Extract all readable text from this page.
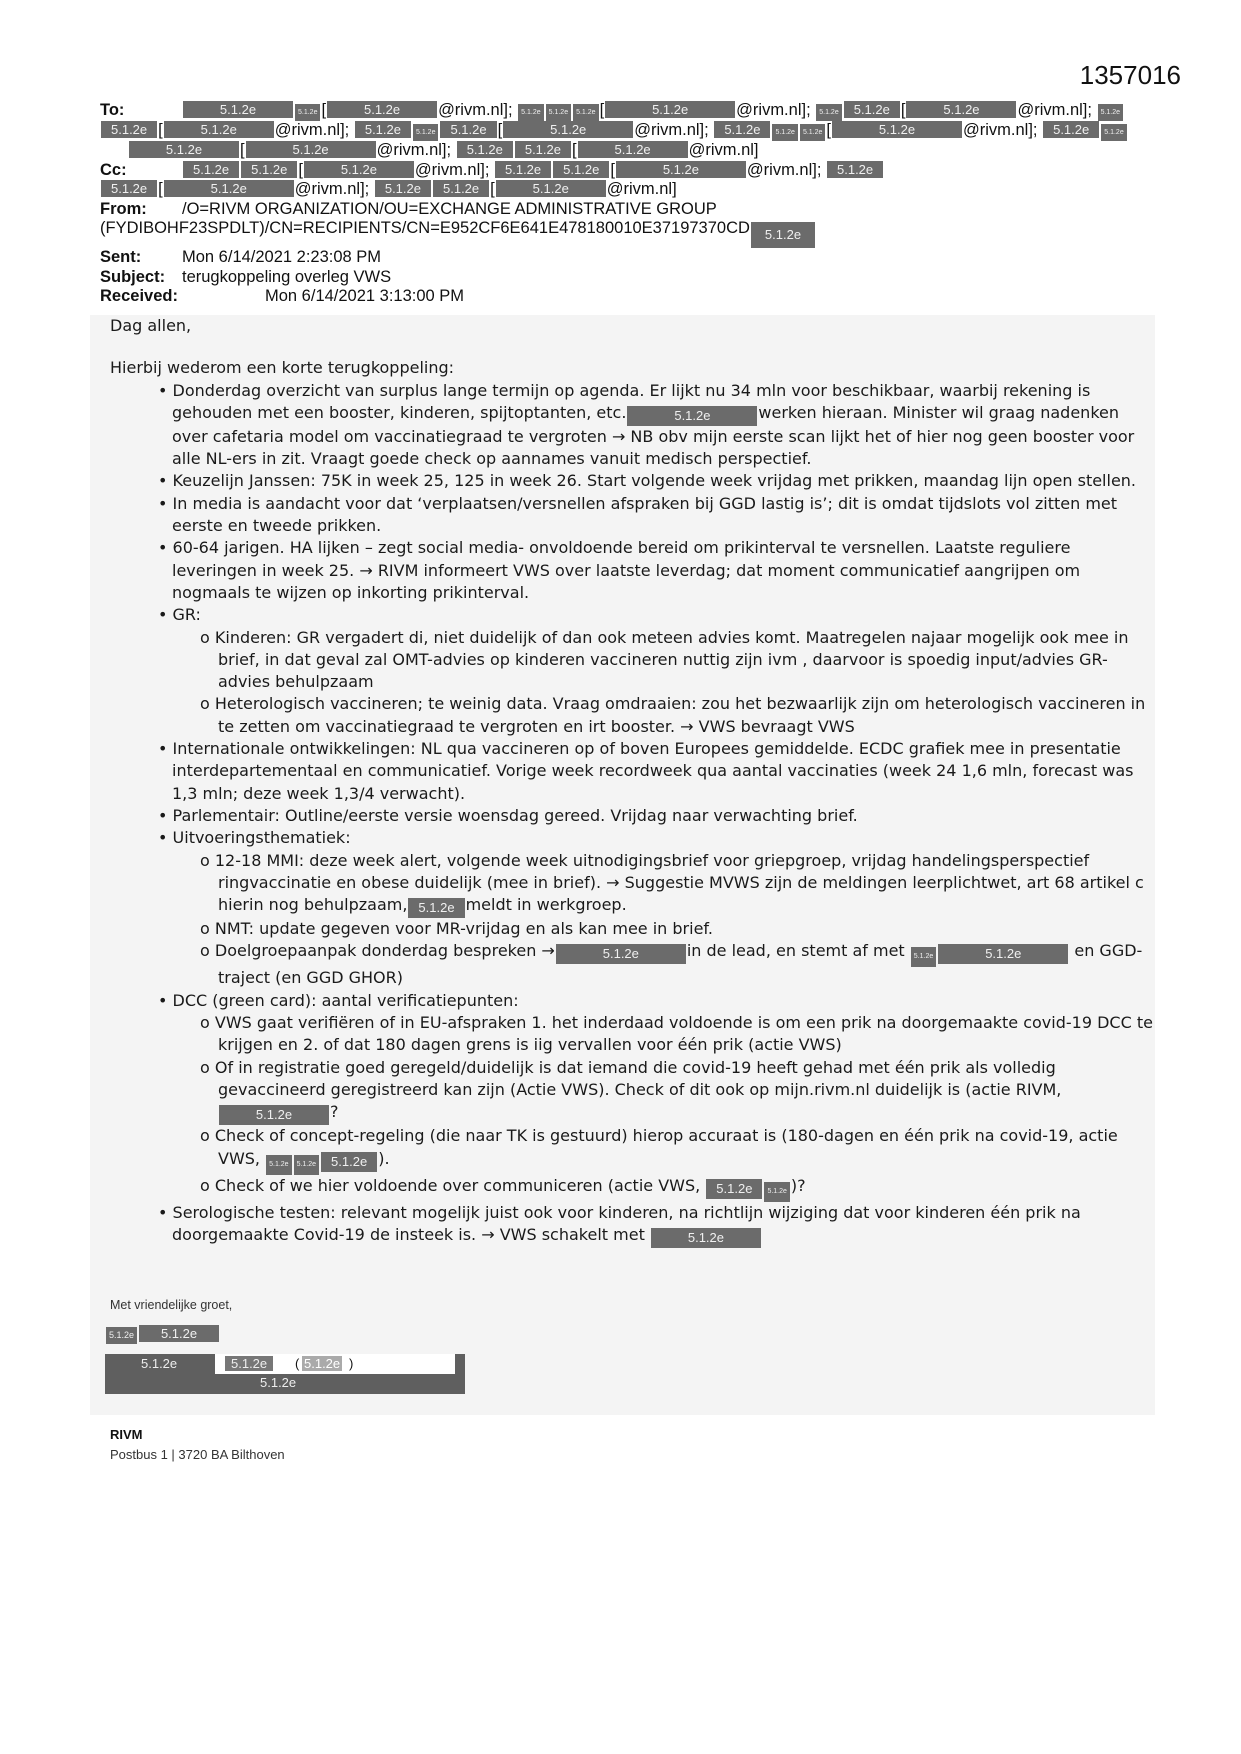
1357016
To:	5.1.2e	5.1.2e [	5.1.2e @rivm.nl]; 5.1.2e 5.1.2e 5.1.2e [	5.1.2e	@rivm.nl]; 5.1.2e 5.1.2e [	5.1.2e @rivm.nl]; 5.1.2e
5.1.2e [	5.1.2e @rivm.nl]; 5.1.2e 5.1.2e 5.1.2e [	5.1.2e	@rivm.nl]; 5.1.2e 5.1.2e 5.1.2e [	5.1.2e	@rivm.nl]; 5.1.2e 5.1.2e
5.1.2e [	5.1.2e	@rivm.nl]; 5.1.2e 5.1.2e [	5.1.2e @rivm.nl]
Cc:	5.1.2e 5.1.2e [	5.1.2e @rivm.nl]; 5.1.2e 5.1.2e [	5.1.2e	@rivm.nl]; 5.1.2e
5.1.2e [	5.1.2e	@rivm.nl]; 5.1.2e 5.1.2e [	5.1.2e @rivm.nl]
From: /O=RIVM ORGANIZATION/OU=EXCHANGE ADMINISTRATIVE GROUP
(FYDIBOHF23SPDLT)/CN=RECIPIENTS/CN=E952CF6E641E478180010E37197370CD 5.1.2e
Sent: Mon 6/14/2021 2:23:08 PM
Subject: terugkoppeling overleg VWS
Received:	Mon 6/14/2021 3:13:00 PM

Dag allen,

Hierbij wederom een korte terugkoppeling:

• Donderdag overzicht van surplus lange termijn op agenda. Er lijkt nu 34 mln voor beschikbaar, waarbij rekening is gehouden met een booster, kinderen, spijtoptanten, etc.	5.1.2e	werken hieraan. Minister wil graag nadenken over cafetaria model om vaccinatiegraad te vergroten → NB obv mijn eerste scan lijkt het of hier nog geen booster voor alle NL-ers in zit. Vraagt goede check op aannames vanuit medisch perspectief.
• Keuzelijn Janssen: 75K in week 25, 125 in week 26. Start volgende week vrijdag met prikken, maandag lijn open stellen.
• In media is aandacht voor dat ‘verplaatsen/versnellen afspraken bij GGD lastig is’; dit is omdat tijdslots vol zitten met eerste en tweede prikken.
• 60-64 jarigen. HA lijken – zegt social media- onvoldoende bereid om prikinterval te versnellen. Laatste reguliere leveringen in week 25. → RIVM informeert VWS over laatste leverdag; dat moment communicatief aangrijpen om nogmaals te wijzen op inkorting prikinterval.
• GR:
o Kinderen: GR vergadert di, niet duidelijk of dan ook meteen advies komt. Maatregelen najaar mogelijk ook mee in brief, in dat geval zal OMT-advies op kinderen vaccineren nuttig zijn ivm , daarvoor is spoedig input/advies GR-advies behulpzaam
o Heterologisch vaccineren; te weinig data. Vraag omdraaien: zou het bezwaarlijk zijn om heterologisch vaccineren in te zetten om vaccinatiegraad te vergroten en irt booster. → VWS bevraagt VWS
• Internationale ontwikkelingen: NL qua vaccineren op of boven Europees gemiddelde. ECDC grafiek mee in presentatie interdepartementaal en communicatief. Vorige week recordweek qua aantal vaccinaties (week 24 1,6 mln, forecast was 1,3 mln; deze week 1,3/4 verwacht).
• Parlementair: Outline/eerste versie woensdag gereed. Vrijdag naar verwachting brief.
• Uitvoeringsthematiek:
o 12-18 MMI: deze week alert, volgende week uitnodigingsbrief voor griepgroep, vrijdag handelingsperspectief ringvaccinatie en obese duidelijk (mee in brief). → Suggestie MVWS zijn de meldingen leerplichtwet, art 68 artikel c hierin nog behulpzaam, 5.1.2e meldt in werkgroep.
o NMT: update gegeven voor MR-vrijdag en als kan mee in brief.
o Doelgroepaanpak donderdag bespreken →	5.1.2e	in de lead, en stemt af met 5.1.2e	5.1.2e	en GGD-traject (en GGD GHOR)
• DCC (green card): aantal verificatiepunten:
o VWS gaat verifiëren of in EU-afspraken 1. het inderdaad voldoende is om een prik na doorgemaakte covid-19 DCC te krijgen en 2. of dat 180 dagen grens is iig vervallen voor één prik (actie VWS)
o Of in registratie goed geregeld/duidelijk is dat iemand die covid-19 heeft gehad met één prik als volledig gevaccineerd geregistreerd kan zijn (Actie VWS). Check of dit ook op mijn.rivm.nl duidelijk is (actie RIVM,5.1.2e ?
o Check of concept-regeling (die naar TK is gestuurd) hierop accuraat is (180-dagen en één prik na covid-19, actie VWS, 5.1.2e 5.1.2e 5.1.2e ).
o Check of we hier voldoende over communiceren (actie VWS, 5.1.2e 5.1.2e )?
• Serologische testen: relevant mogelijk juist ook voor kinderen, na richtlijn wijziging dat voor kinderen één prik na doorgemaakte Covid-19 de insteek is. → VWS schakelt met	5.1.2e
Met vriendelijke groet,
5.1.2e 5.1.2e
5.1.2e	5.1.2e	( 5.1.2e )
5.1.2e
RIVM
Postbus 1 | 3720 BA Bilthoven
